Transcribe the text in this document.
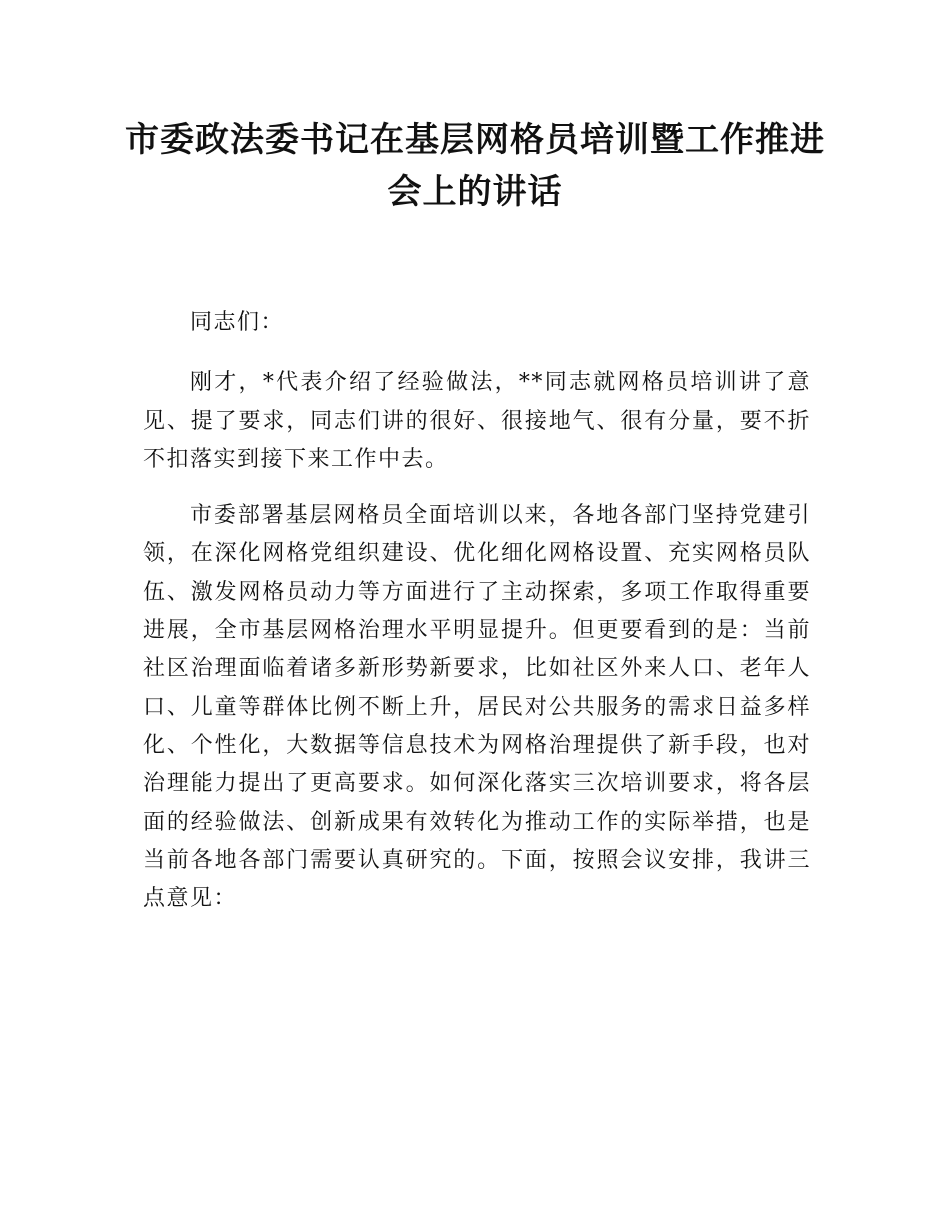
市委政法委书记在基层网格员培训暨工作推进会上的讲话

同志们：

刚才，*代表介绍了经验做法，**同志就网格员培训讲了意见、提了要求，同志们讲的很好、很接地气、很有分量，要不折不扣落实到接下来工作中去。

市委部署基层网格员全面培训以来，各地各部门坚持党建引领，在深化网格党组织建设、优化细化网格设置、充实网格员队伍、激发网格员动力等方面进行了主动探索，多项工作取得重要进展，全市基层网格治理水平明显提升。但更要看到的是：当前社区治理面临着诸多新形势新要求，比如社区外来人口、老年人口、儿童等群体比例不断上升，居民对公共服务的需求日益多样化、个性化，大数据等信息技术为网格治理提供了新手段，也对治理能力提出了更高要求。如何深化落实三次培训要求，将各层面的经验做法、创新成果有效转化为推动工作的实际举措，也是当前各地各部门需要认真研究的。下面，按照会议安排，我讲三点意见：
